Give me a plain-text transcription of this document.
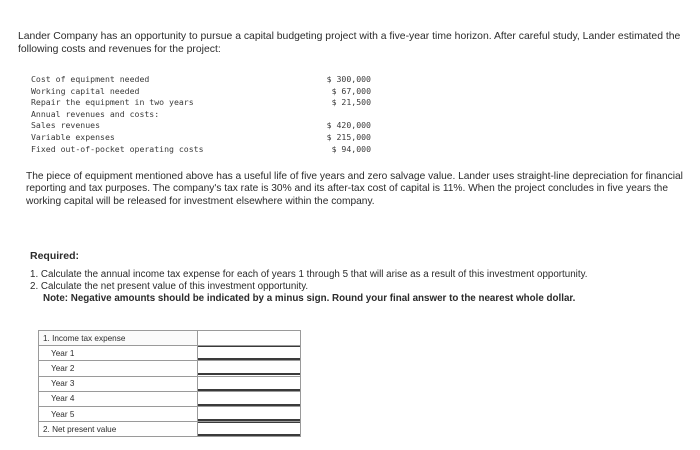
Lander Company has an opportunity to pursue a capital budgeting project with a five-year time horizon. After careful study, Lander estimated the following costs and revenues for the project:

Cost of equipment needed	$ 300,000
Working capital needed	$ 67,000
Repair the equipment in two years	$ 21,500
Annual revenues and costs:
Sales revenues	$ 420,000
Variable expenses	$ 215,000
Fixed out-of-pocket operating costs	$ 94,000

The piece of equipment mentioned above has a useful life of five years and zero salvage value. Lander uses straight-line depreciation for financial reporting and tax purposes. The company's tax rate is 30% and its after-tax cost of capital is 11%. When the project concludes in five years the working capital will be released for investment elsewhere within the company.

Required:

1. Calculate the annual income tax expense for each of years 1 through 5 that will arise as a result of this investment opportunity.
2. Calculate the net present value of this investment opportunity.
Note: Negative amounts should be indicated by a minus sign. Round your final answer to the nearest whole dollar.
1. Income tax expense	
Year 1	

Year 2	

Year 3	

Year 4	

Year 5	

2. Net present value	
